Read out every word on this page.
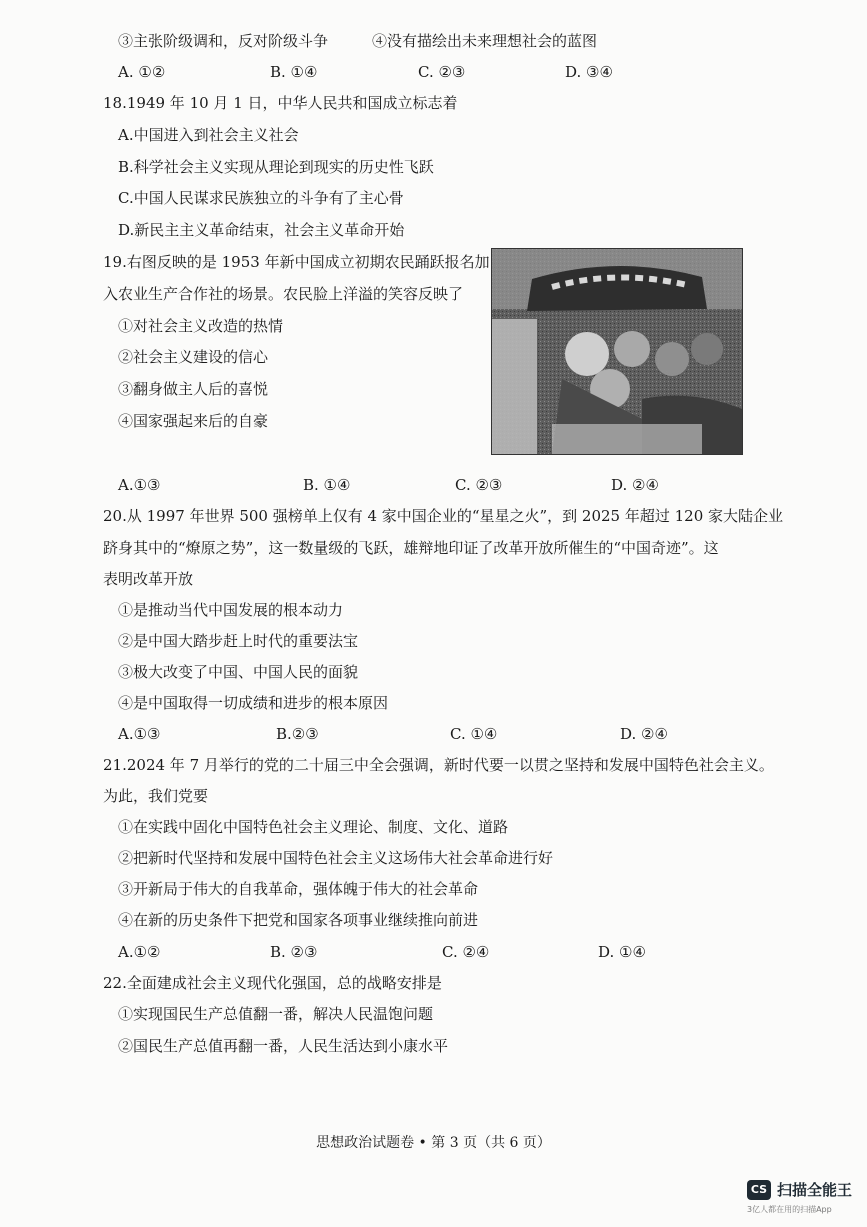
③主张阶级调和，反对阶级斗争	④没有描绘出未来理想社会的蓝图
A. ①②	B. ①④	C. ②③	D. ③④
18.1949 年 10 月 1 日，中华人民共和国成立标志着
A.中国进入到社会主义社会
B.科学社会主义实现从理论到现实的历史性飞跃
C.中国人民谋求民族独立的斗争有了主心骨
D.新民主主义革命结束，社会主义革命开始
19.右图反映的是 1953 年新中国成立初期农民踊跃报名加
入农业生产合作社的场景。农民脸上洋溢的笑容反映了
①对社会主义改造的热情
②社会主义建设的信心
③翻身做主人后的喜悦
④国家强起来后的自豪
A.①③	B. ①④	C. ②③	D. ②④
20.从 1997 年世界 500 强榜单上仅有 4 家中国企业的“星星之火”，到 2025 年超过 120 家大陆企业
跻身其中的“燎原之势”，这一数量级的飞跃，雄辩地印证了改革开放所催生的“中国奇迹”。这
表明改革开放
①是推动当代中国发展的根本动力
②是中国大踏步赶上时代的重要法宝
③极大改变了中国、中国人民的面貌
④是中国取得一切成绩和进步的根本原因
A.①③	B.②③	C. ①④	D. ②④
21.2024 年 7 月举行的党的二十届三中全会强调，新时代要一以贯之坚持和发展中国特色社会主义。
为此，我们党要
①在实践中固化中国特色社会主义理论、制度、文化、道路
②把新时代坚持和发展中国特色社会主义这场伟大社会革命进行好
③开新局于伟大的自我革命，强体魄于伟大的社会革命
④在新的历史条件下把党和国家各项事业继续推向前进
A.①②	B. ②③	C. ②④	D. ①④
22.全面建成社会主义现代化强国，总的战略安排是
①实现国民生产总值翻一番，解决人民温饱问题
②国民生产总值再翻一番，人民生活达到小康水平
思想政治试题卷 • 第 3 页（共 6 页）
CS 扫描全能王
3亿人都在用的扫描App
